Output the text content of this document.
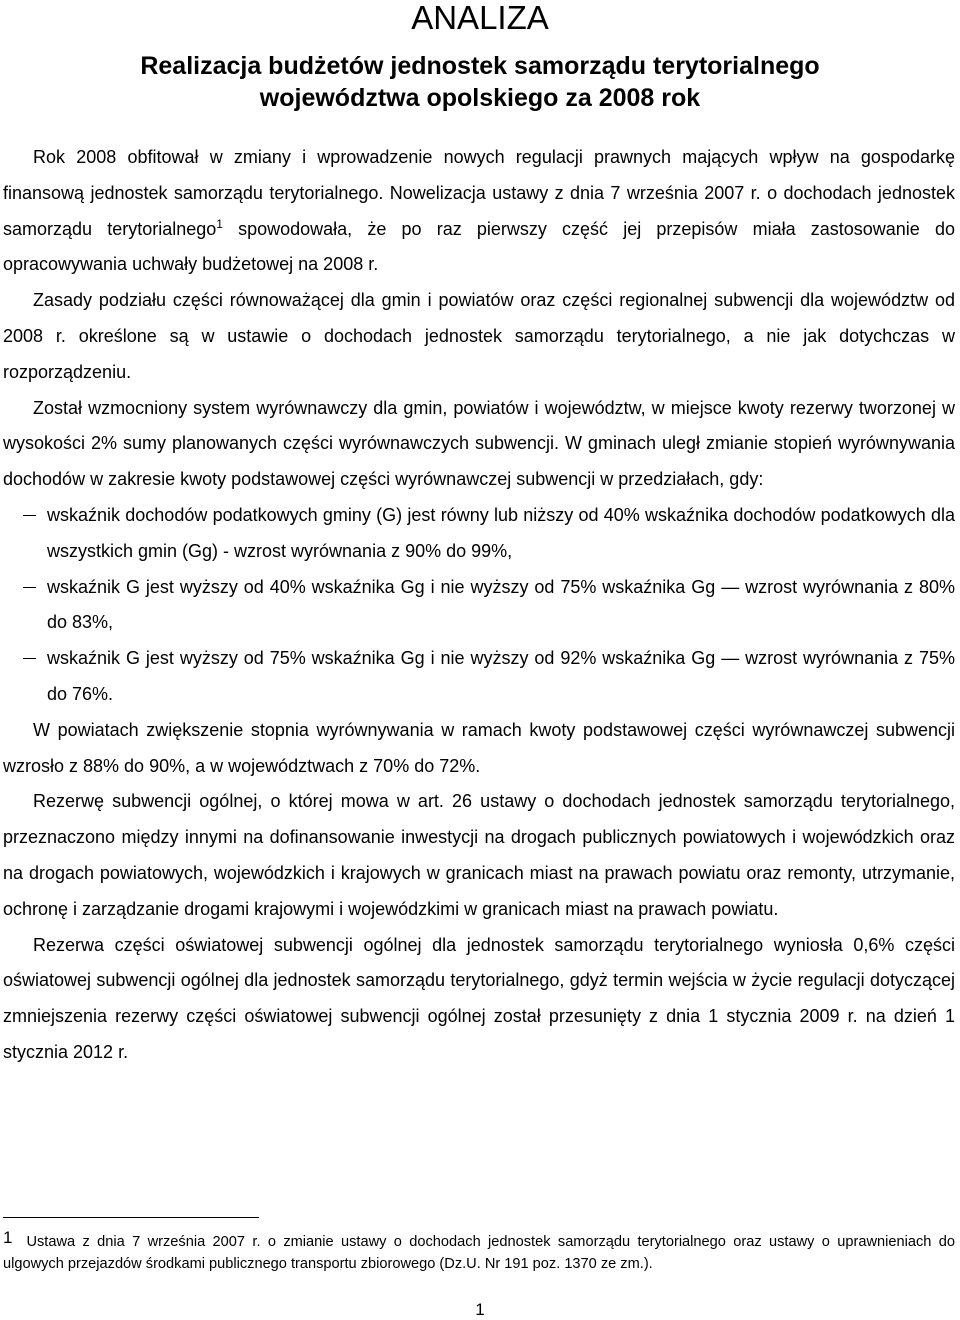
ANALIZA
Realizacja budżetów jednostek samorządu terytorialnego województwa opolskiego za 2008 rok

Rok 2008 obfitował w zmiany i wprowadzenie nowych regulacji prawnych mających wpływ na gospodarkę finansową jednostek samorządu terytorialnego. Nowelizacja ustawy z dnia 7 września 2007 r. o dochodach jednostek samorządu terytorialnego$^1$ spowodowała, że po raz pierwszy część jej przepisów miała zastosowanie do opracowywania uchwały budżetowej na 2008 r.

Zasady podziału części równoważącej dla gmin i powiatów oraz części regionalnej subwencji dla województw od 2008 r. określone są w ustawie o dochodach jednostek samorządu terytorialnego, a nie jak dotychczas w rozporządzeniu.

Został wzmocniony system wyrównawczy dla gmin, powiatów i województw, w miejsce kwoty rezerwy tworzonej w wysokości 2% sumy planowanych części wyrównawczych subwencji. W gminach uległ zmianie stopień wyrównywania dochodów w zakresie kwoty podstawowej części wyrównawczej subwencji w przedziałach, gdy:

wskaźnik dochodów podatkowych gminy (G) jest równy lub niższy od 40% wskaźnika dochodów podatkowych dla wszystkich gmin (Gg) - wzrost wyrównania z 90% do 99%,
wskaźnik G jest wyższy od 40% wskaźnika Gg i nie wyższy od 75% wskaźnika Gg ― wzrost wyrównania z 80% do 83%,
wskaźnik G jest wyższy od 75% wskaźnika Gg i nie wyższy od 92% wskaźnika Gg ― wzrost wyrównania z 75% do 76%.

W powiatach zwiększenie stopnia wyrównywania w ramach kwoty podstawowej części wyrównawczej subwencji wzrosło z 88% do 90%, a w województwach z 70% do 72%.

Rezerwę subwencji ogólnej, o której mowa w art. 26 ustawy o dochodach jednostek samorządu terytorialnego, przeznaczono między innymi na dofinansowanie inwestycji na drogach publicznych powiatowych i wojewódzkich oraz na drogach powiatowych, wojewódzkich i krajowych w granicach miast na prawach powiatu oraz remonty, utrzymanie, ochronę i zarządzanie drogami krajowymi i wojewódzkimi w granicach miast na prawach powiatu.

Rezerwa części oświatowej subwencji ogólnej dla jednostek samorządu terytorialnego wyniosła 0,6% części oświatowej subwencji ogólnej dla jednostek samorządu terytorialnego, gdyż termin wejścia w życie regulacji dotyczącej zmniejszenia rezerwy części oświatowej subwencji ogólnej został przesunięty z dnia 1 stycznia 2009 r. na dzień 1 stycznia 2012 r.

1 Ustawa z dnia 7 września 2007 r. o zmianie ustawy o dochodach jednostek samorządu terytorialnego oraz ustawy o uprawnieniach do ulgowych przejazdów środkami publicznego transportu zbiorowego (Dz.U. Nr 191 poz. 1370 ze zm.).

1
